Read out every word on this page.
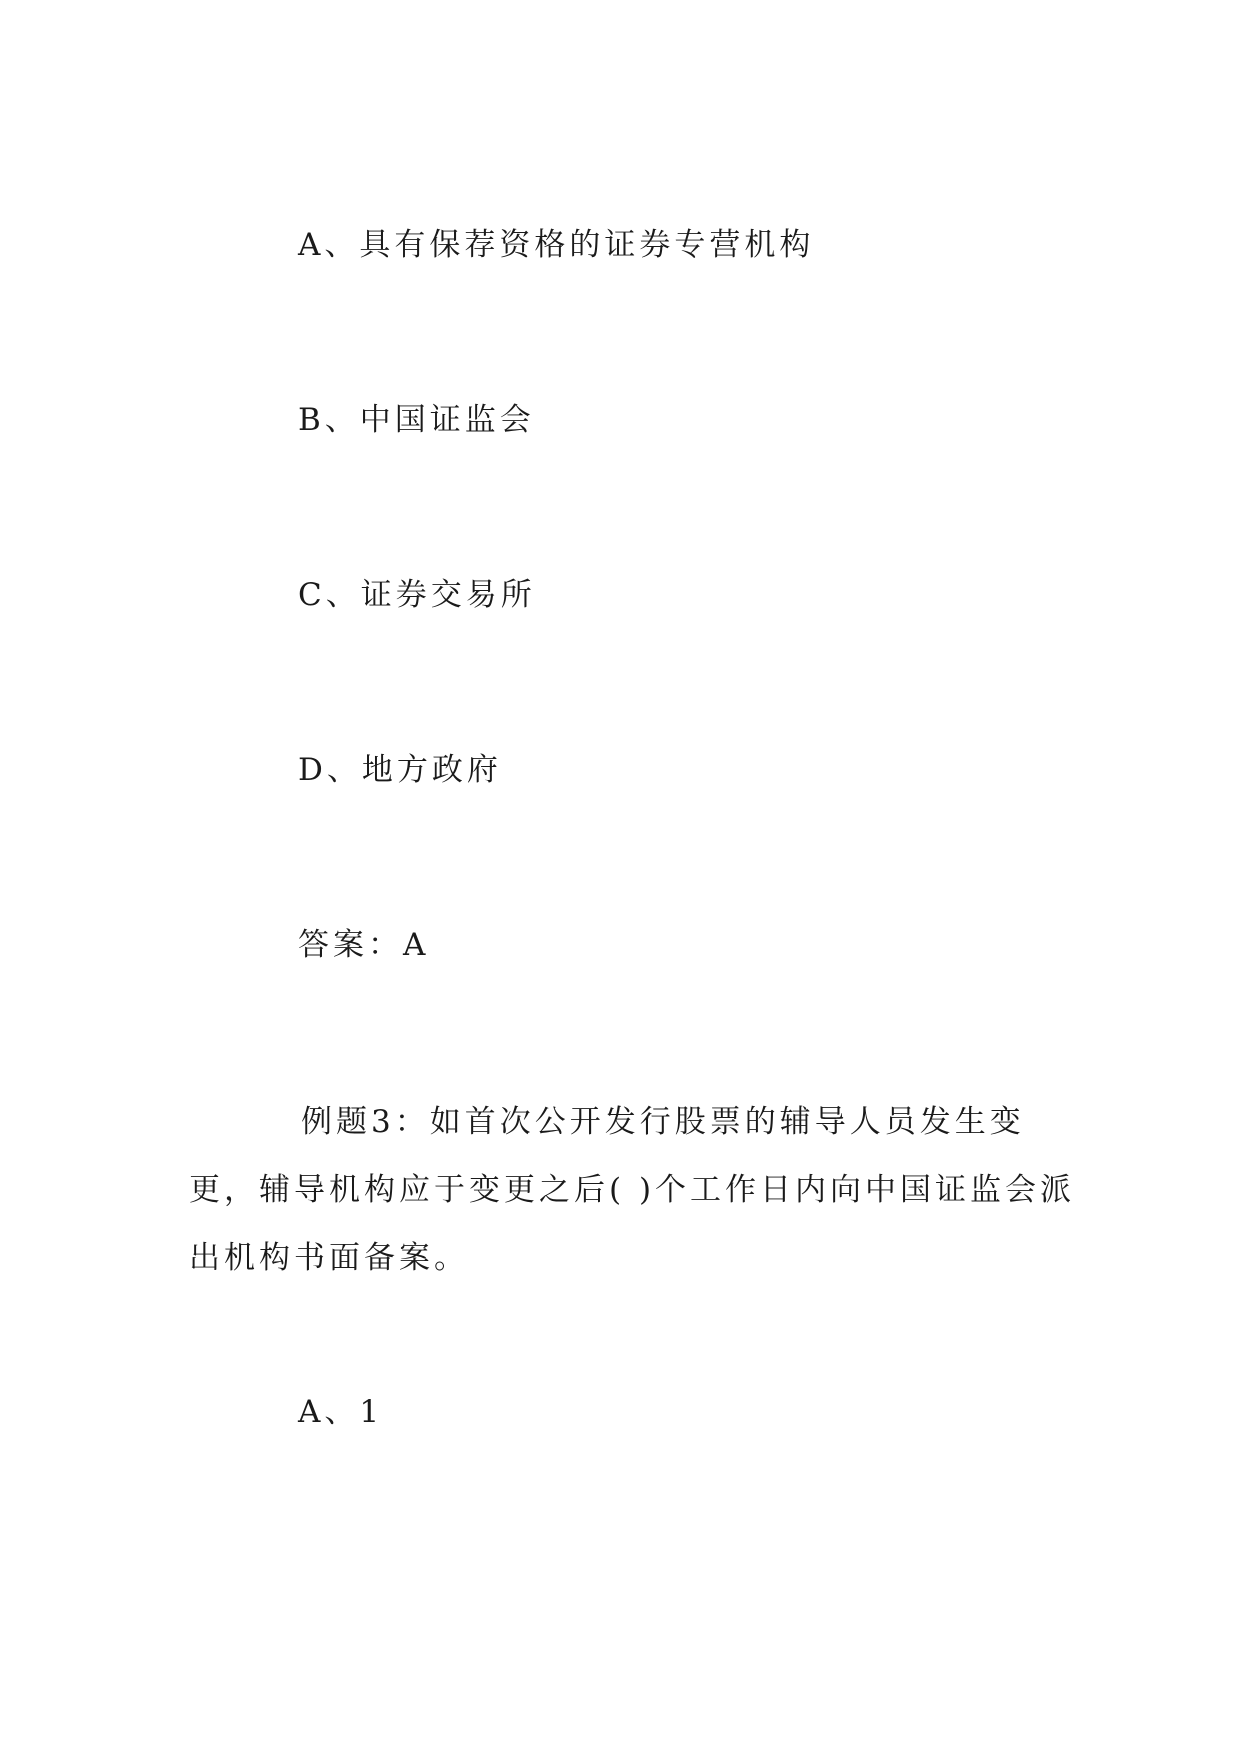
A、具有保荐资格的证券专营机构
B、中国证监会
C、证券交易所
D、地方政府
答案：A
例题3：如首次公开发行股票的辅导人员发生变更，辅导机构应于变更之后( )个工作日内向中国证监会派出机构书面备案。
A、1
